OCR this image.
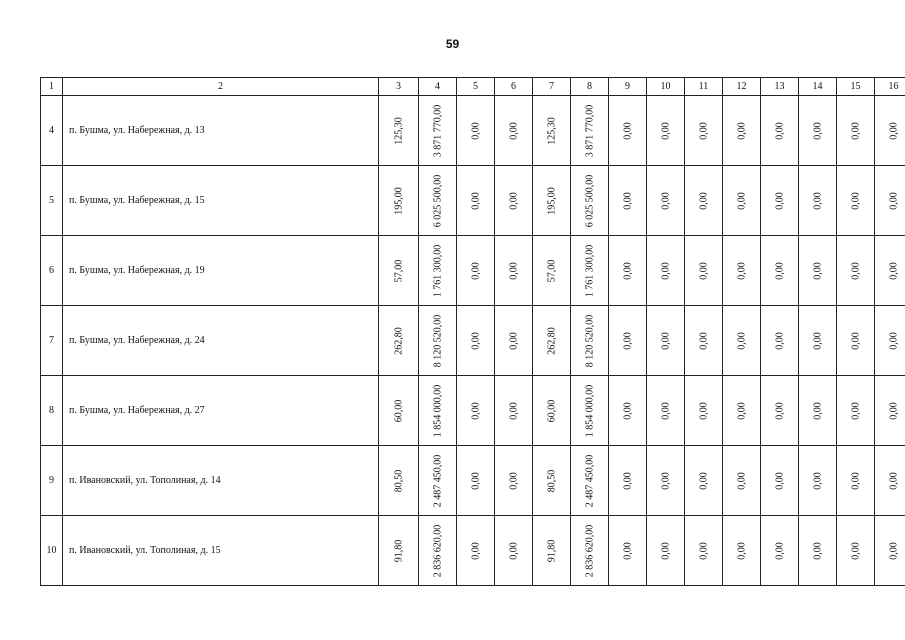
59
1	2	3	4	5	6	7	8	9	10	11	12	13	14	15	16
4	п. Бушма, ул. Набережная, д. 13	125,30	3 871 770,00	0,00	0,00	125,30	3 871 770,00	0,00	0,00	0,00	0,00	0,00	0,00	0,00	0,00

5	п. Бушма, ул. Набережная, д. 15	195,00	6 025 500,00	0,00	0,00	195,00	6 025 500,00	0,00	0,00	0,00	0,00	0,00	0,00	0,00	0,00

6	п. Бушма, ул. Набережная, д. 19	57,00	1 761 300,00	0,00	0,00	57,00	1 761 300,00	0,00	0,00	0,00	0,00	0,00	0,00	0,00	0,00

7	п. Бушма, ул. Набережная, д. 24	262,80	8 120 520,00	0,00	0,00	262,80	8 120 520,00	0,00	0,00	0,00	0,00	0,00	0,00	0,00	0,00

8	п. Бушма, ул. Набережная, д. 27	60,00	1 854 000,00	0,00	0,00	60,00	1 854 000,00	0,00	0,00	0,00	0,00	0,00	0,00	0,00	0,00

9	п. Ивановский, ул. Тополиная, д. 14	80,50	2 487 450,00	0,00	0,00	80,50	2 487 450,00	0,00	0,00	0,00	0,00	0,00	0,00	0,00	0,00

10	п. Ивановский, ул. Тополиная, д. 15	91,80	2 836 620,00	0,00	0,00	91,80	2 836 620,00	0,00	0,00	0,00	0,00	0,00	0,00	0,00	0,00
